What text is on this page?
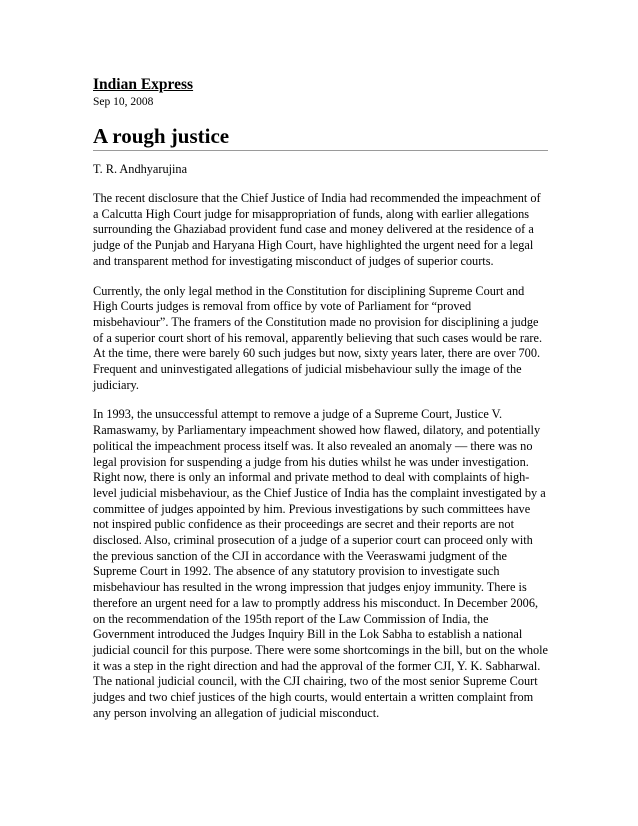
Indian Express
Sep 10, 2008
A rough justice
T. R. Andhyarujina

The recent disclosure that the Chief Justice of India had recommended the impeachment of a Calcutta High Court judge for misappropriation of funds, along with earlier allegations surrounding the Ghaziabad provident fund case and money delivered at the residence of a judge of the Punjab and Haryana High Court, have highlighted the urgent need for a legal and transparent method for investigating misconduct of judges of superior courts.

Currently, the only legal method in the Constitution for disciplining Supreme Court and High Courts judges is removal from office by vote of Parliament for “proved misbehaviour”. The framers of the Constitution made no provision for disciplining a judge of a superior court short of his removal, apparently believing that such cases would be rare. At the time, there were barely 60 such judges but now, sixty years later, there are over 700. Frequent and uninvestigated allegations of judicial misbehaviour sully the image of the judiciary.

In 1993, the unsuccessful attempt to remove a judge of a Supreme Court, Justice V. Ramaswamy, by Parliamentary impeachment showed how flawed, dilatory, and potentially political the impeachment process itself was. It also revealed an anomaly — there was no legal provision for suspending a judge from his duties whilst he was under investigation. Right now, there is only an informal and private method to deal with complaints of high-level judicial misbehaviour, as the Chief Justice of India has the complaint investigated by a committee of judges appointed by him. Previous investigations by such committees have not inspired public confidence as their proceedings are secret and their reports are not disclosed. Also, criminal prosecution of a judge of a superior court can proceed only with the previous sanction of the CJI in accordance with the Veeraswami judgment of the Supreme Court in 1992. The absence of any statutory provision to investigate such misbehaviour has resulted in the wrong impression that judges enjoy immunity. There is therefore an urgent need for a law to promptly address his misconduct. In December 2006, on the recommendation of the 195th report of the Law Commission of India, the Government introduced the Judges Inquiry Bill in the Lok Sabha to establish a national judicial council for this purpose. There were some shortcomings in the bill, but on the whole it was a step in the right direction and had the approval of the former CJI, Y. K. Sabharwal. The national judicial council, with the CJI chairing, two of the most senior Supreme Court judges and two chief justices of the high courts, would entertain a written complaint from any person involving an allegation of judicial misconduct.
